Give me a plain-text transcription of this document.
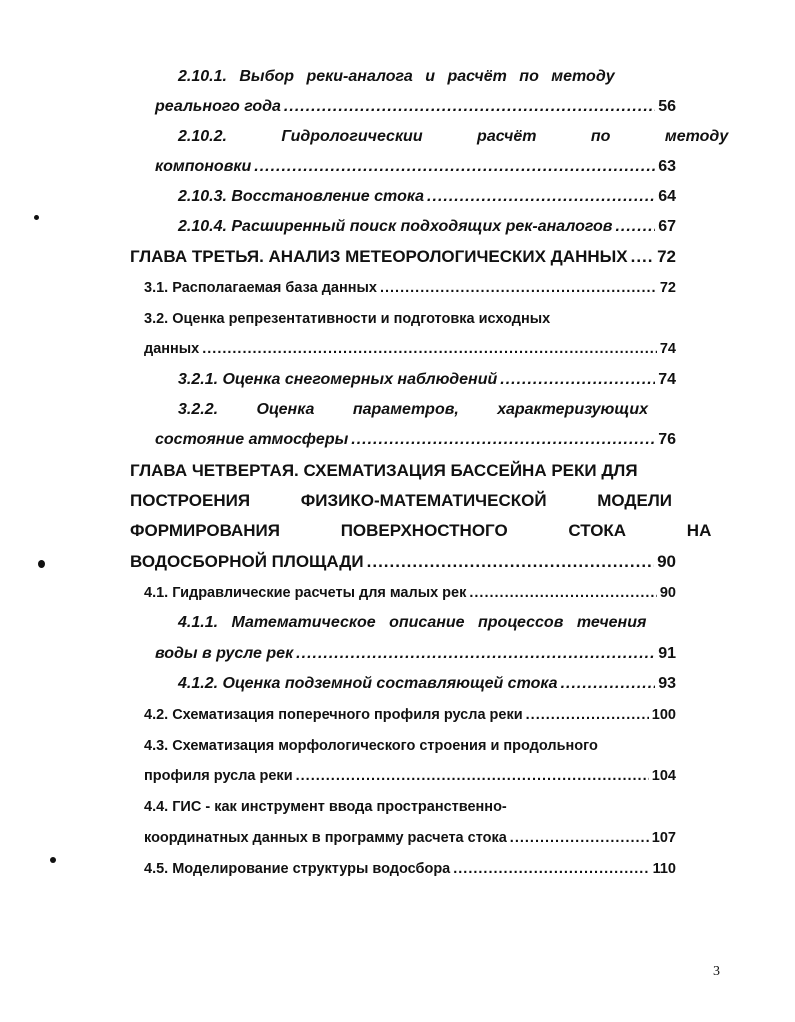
2.10.1. Выбор реки-аналога и расчёт по методу
реального года .....	56
2.10.2. Гидрологическии расчёт по методу
компоновки .....	63
2.10.3. Восстановление стока .....	64
2.10.4. Расширенный поиск подходящих рек-аналогов .....	67
ГЛАВА ТРЕТЬЯ. АНАЛИЗ МЕТЕОРОЛОГИЧЕСКИХ ДАННЫХ ..... 72
3.1. Располагаемая база данных .....	72
3.2. Оценка репрезентативности и подготовка исходных
данных .....	74
3.2.1. Оценка снегомерных наблюдений .....	74
3.2.2. Оценка параметров, характеризующих
состояние атмосферы .....	76
ГЛАВА ЧЕТВЕРТАЯ. СХЕМАТИЗАЦИЯ БАССЕЙНА РЕКИ ДЛЯ
ПОСТРОЕНИЯ ФИЗИКО-МАТЕМАТИЧЕСКОЙ МОДЕЛИ
ФОРМИРОВАНИЯ ПОВЕРХНОСТНОГО СТОКА НА
ВОДОСБОРНОЙ ПЛОЩАДИ .....	90
4.1. Гидравлические расчеты для малых рек .....	90
4.1.1. Математическое описание процессов течения
воды в русле рек .....	91
4.1.2. Оценка подземной составляющей стока .....	93
4.2. Схематизация поперечного профиля русла реки .....	100
4.3. Схематизация морфологического строения и продольного
профиля русла реки .....	104
4.4. ГИС - как инструмент ввода пространственно-
координатных данных в программу расчета стока .....	107
4.5. Моделирование структуры водосбора .....	110
3
